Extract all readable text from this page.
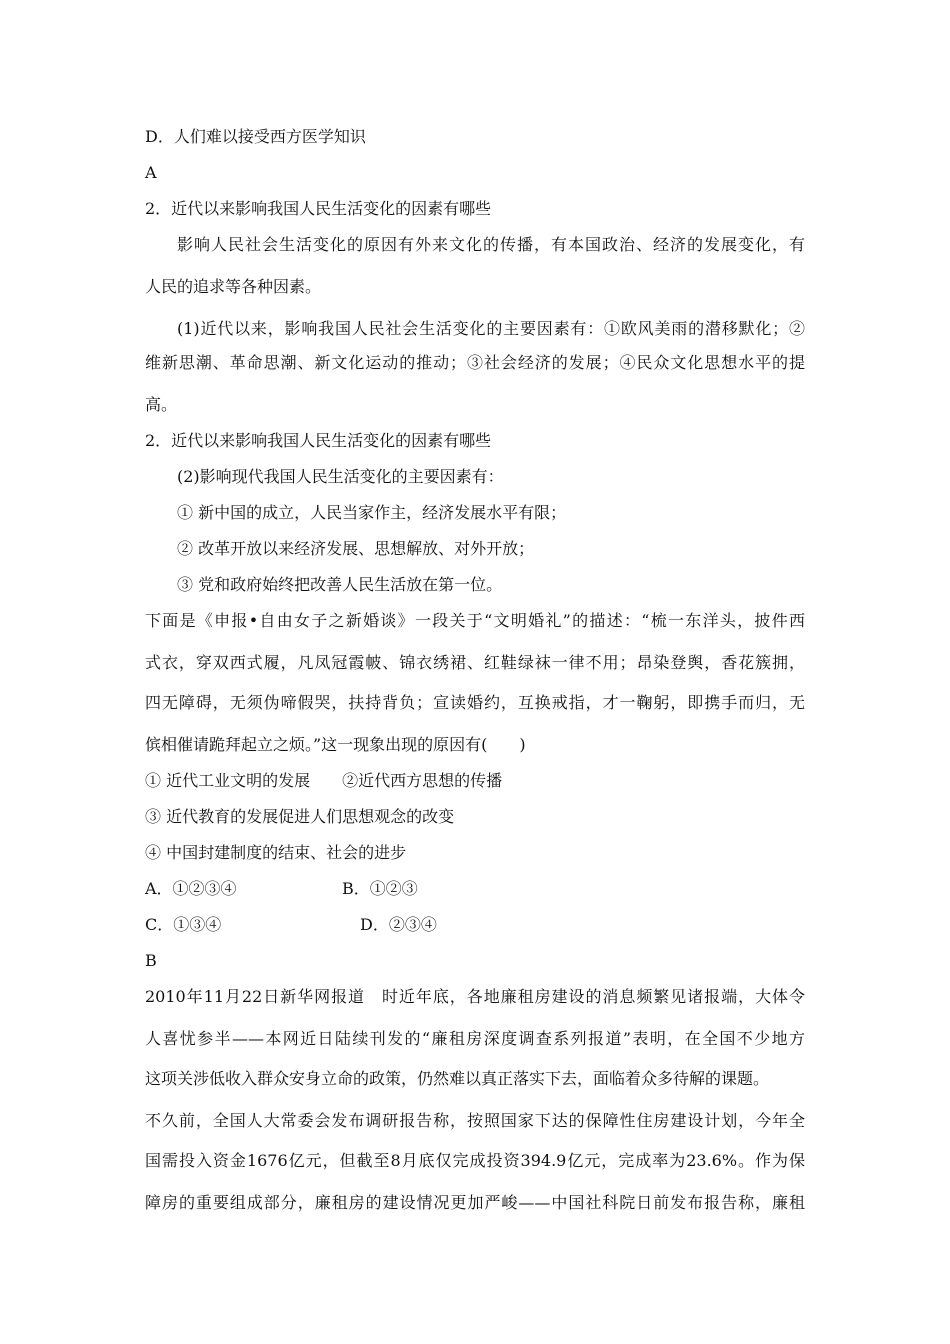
D．人们难以接受西方医学知识
A
2．近代以来影响我国人民生活变化的因素有哪些
影响人民社会生活变化的原因有外来文化的传播，有本国政治、经济的发展变化，有
人民的追求等各种因素。
(1)近代以来，影响我国人民社会生活变化的主要因素有：①欧风美雨的潜移默化；②
维新思潮、革命思潮、新文化运动的推动；③社会经济的发展；④民众文化思想水平的提
高。
2．近代以来影响我国人民生活变化的因素有哪些
(2)影响现代我国人民生活变化的主要因素有：
① 新中国的成立，人民当家作主，经济发展水平有限；
② 改革开放以来经济发展、思想解放、对外开放；
③ 党和政府始终把改善人民生活放在第一位。
下面是《申报•自由女子之新婚谈》一段关于“文明婚礼”的描述：“梳一东洋头，披件西
式衣，穿双西式履，凡凤冠霞帔、锦衣绣裙、红鞋绿袜一律不用；昂染登舆，香花簇拥，
四无障碍，无须伪啼假哭，扶持背负；宣读婚约，互换戒指，才一鞠躬，即携手而归，无
傧相催请跪拜起立之烦。”这一现象出现的原因有(　　)
① 近代工业文明的发展　　②近代西方思想的传播
③ 近代教育的发展促进人们思想观念的改变
④ 中国封建制度的结束、社会的进步
A．①②③④	B．①②③
C．①③④	D．②③④
B
2010年11月22日新华网报道　时近年底，各地廉租房建设的消息频繁见诸报端，大体令
人喜忧参半——本网近日陆续刊发的“廉租房深度调查系列报道”表明，在全国不少地方
这项关涉低收入群众安身立命的政策，仍然难以真正落实下去，面临着众多待解的课题。
不久前，全国人大常委会发布调研报告称，按照国家下达的保障性住房建设计划，今年全
国需投入资金1676亿元，但截至8月底仅完成投资394.9亿元，完成率为23.6%。作为保
障房的重要组成部分，廉租房的建设情况更加严峻——中国社科院日前发布报告称，廉租
